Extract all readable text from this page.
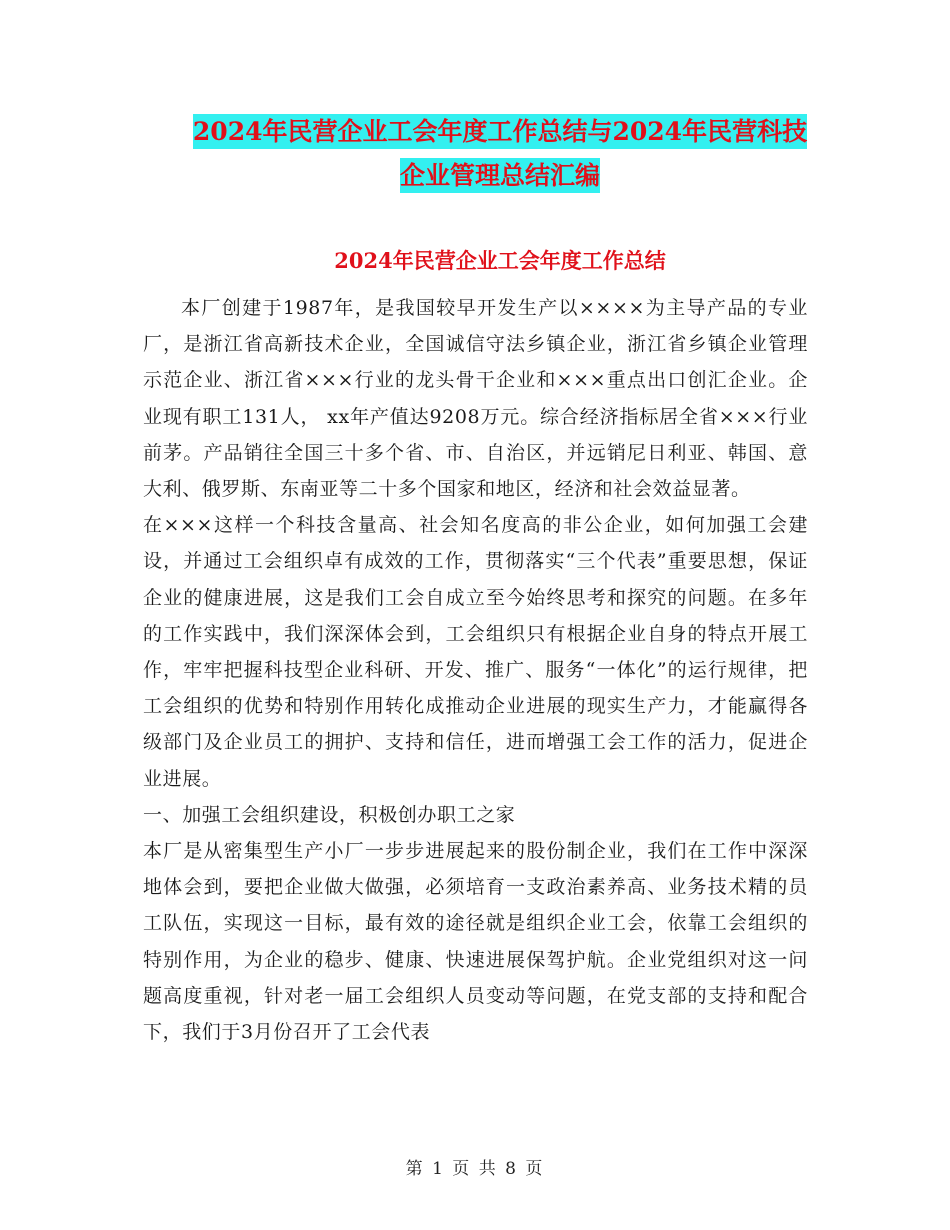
2024年民营企业工会年度工作总结与2024年民营科技
企业管理总结汇编
2024年民营企业工会年度工作总结

本厂创建于1987年，是我国较早开发生产以××××为主导产品的专业厂，是浙江省高新技术企业，全国诚信守法乡镇企业，浙江省乡镇企业管理示范企业、浙江省×××行业的龙头骨干企业和×××重点出口创汇企业。企业现有职工131人， xx年产值达9208万元。综合经济指标居全省×××行业前茅。产品销往全国三十多个省、市、自治区，并远销尼日利亚、韩国、意大利、俄罗斯、东南亚等二十多个国家和地区，经济和社会效益显著。

在×××这样一个科技含量高、社会知名度高的非公企业，如何加强工会建设，并通过工会组织卓有成效的工作，贯彻落实“三个代表”重要思想，保证企业的健康进展，这是我们工会自成立至今始终思考和探究的问题。在多年的工作实践中，我们深深体会到，工会组织只有根据企业自身的特点开展工作，牢牢把握科技型企业科研、开发、推广、服务“一体化”的运行规律，把工会组织的优势和特别作用转化成推动企业进展的现实生产力，才能赢得各级部门及企业员工的拥护、支持和信任，进而增强工会工作的活力，促进企业进展。

一、加强工会组织建设，积极创办职工之家

本厂是从密集型生产小厂一步步进展起来的股份制企业，我们在工作中深深地体会到，要把企业做大做强，必须培育一支政治素养高、业务技术精的员工队伍，实现这一目标，最有效的途径就是组织企业工会，依靠工会组织的特别作用，为企业的稳步、健康、快速进展保驾护航。企业党组织对这一问题高度重视，针对老一届工会组织人员变动等问题，在党支部的支持和配合下，我们于3月份召开了工会代表

第 1 页 共 8 页
